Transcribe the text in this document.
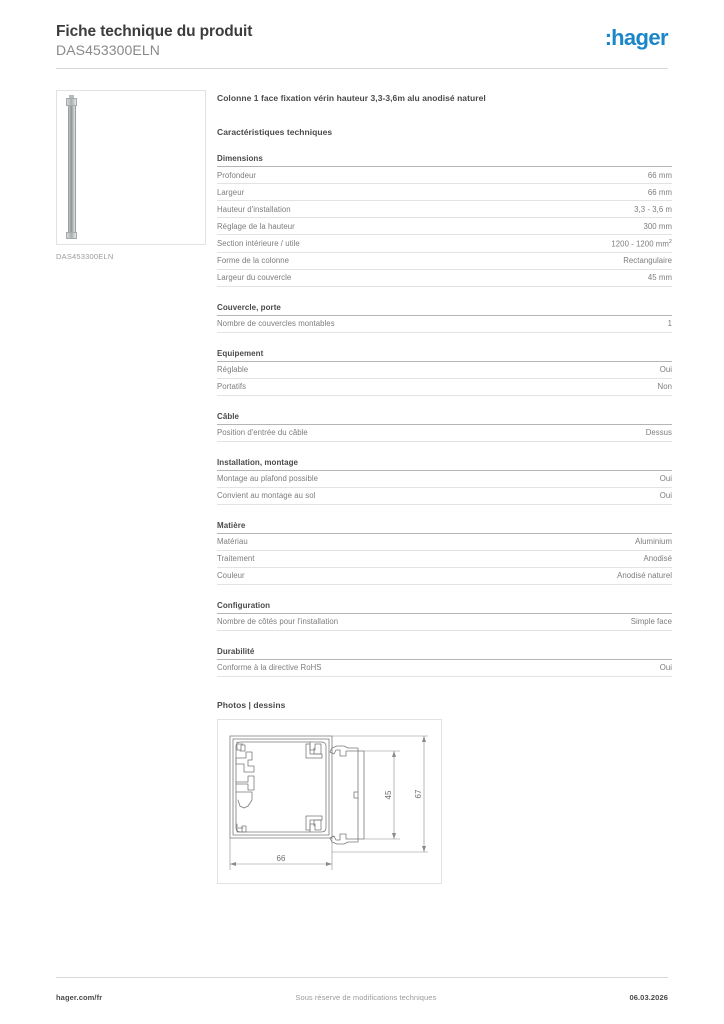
Fiche technique du produit
DAS453300ELN	:hager
DAS453300ELN
Colonne 1 face fixation vérin hauteur 3,3-3,6m alu anodisé naturel
Caractéristiques techniques
Dimensions
Profondeur	66 mm
Largeur	66 mm
Hauteur d'installation	3,3 - 3,6 m
Réglage de la hauteur	300 mm
Section intérieure / utile	1200 - 1200 $mm^2$
Forme de la colonne	Rectangulaire
Largeur du couvercle	45 mm
Couvercle, porte
Nombre de couvercles montables	1
Equipement
Réglable	Oui
Portatifs	Non
Câble
Position d'entrée du câble	Dessus
Installation, montage
Montage au plafond possible	Oui
Convient au montage au sol	Oui
Matière
Matériau	Aluminium
Traitement	Anodisé
Couleur	Anodisé naturel
Configuration
Nombre de côtés pour l'installation	Simple face
Durabilité
Conforme à la directive RoHS	Oui
Photos | dessins
66
45	67
hager.com/fr	Sous réserve de modifications techniques	06.03.2026
